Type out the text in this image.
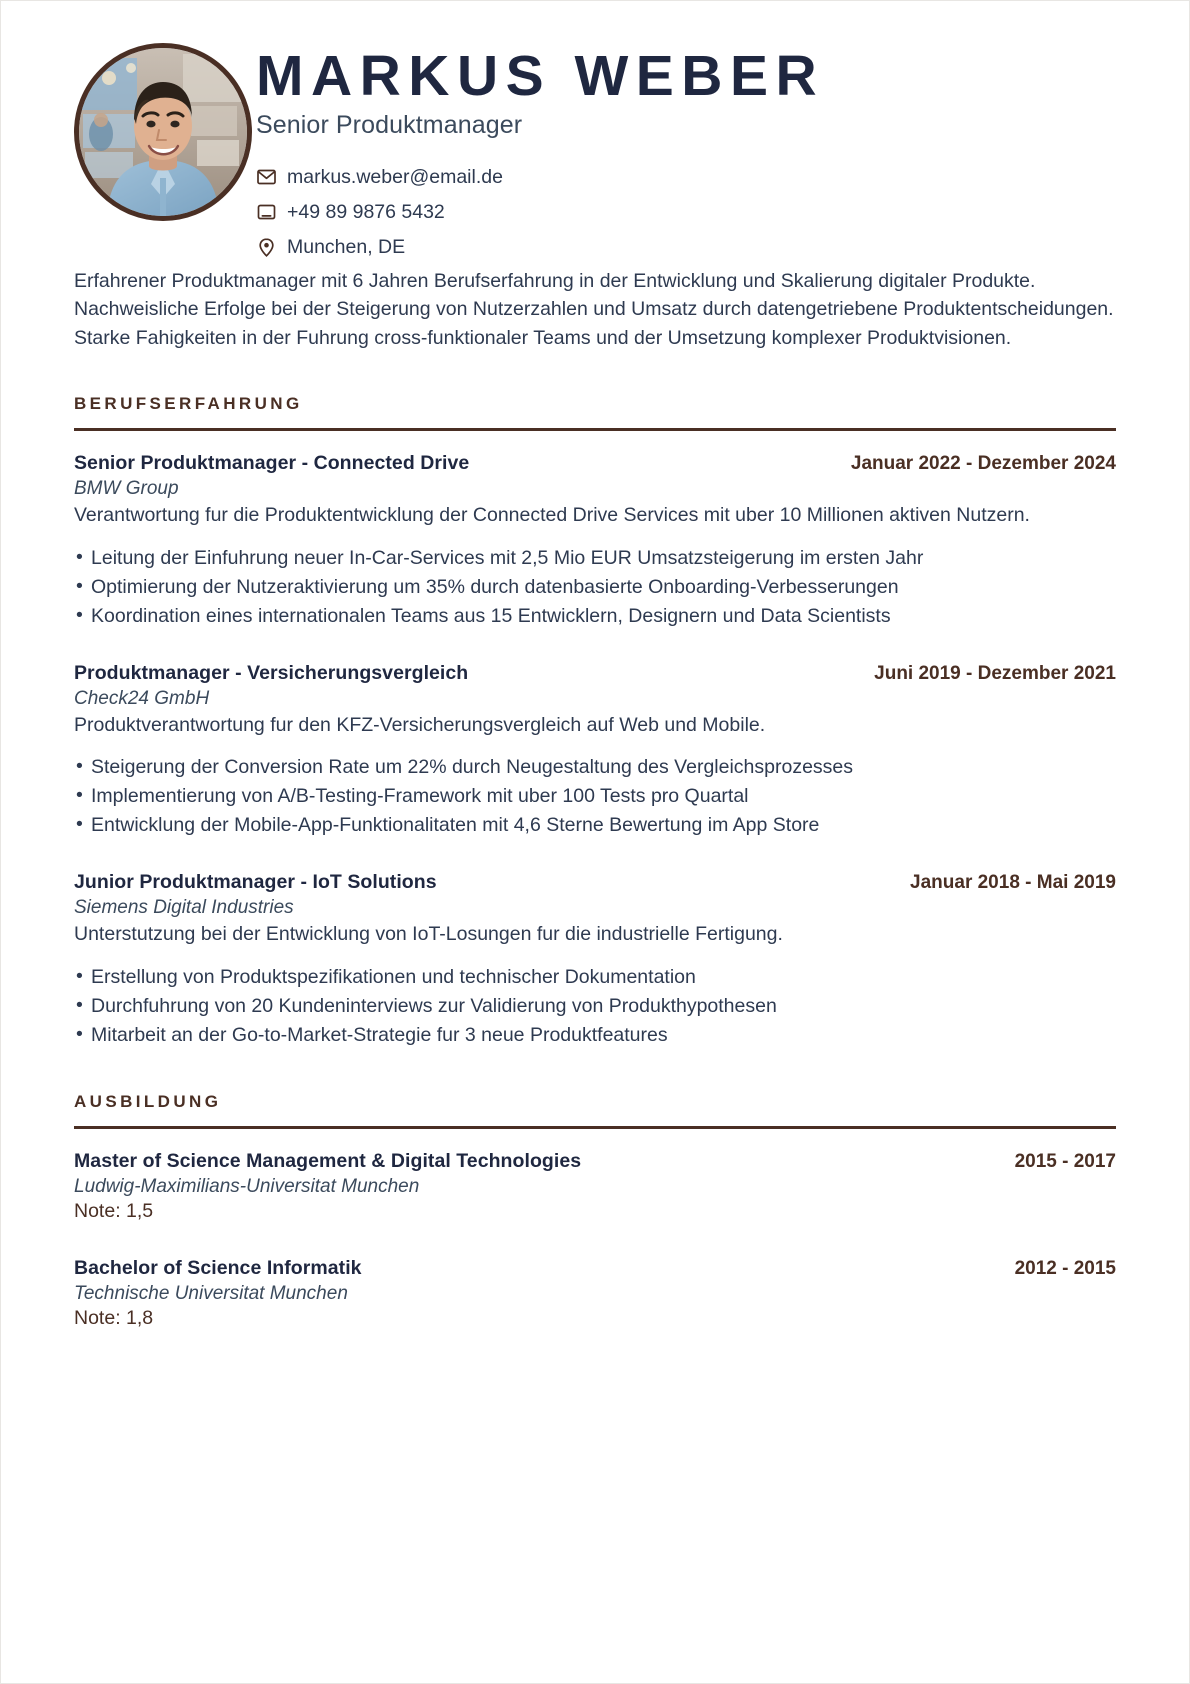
MARKUS WEBER
Senior Produktmanager
markus.weber@email.de
+49 89 9876 5432
Munchen, DE
Erfahrener Produktmanager mit 6 Jahren Berufserfahrung in der Entwicklung und Skalierung digitaler Produkte. Nachweisliche Erfolge bei der Steigerung von Nutzerzahlen und Umsatz durch datengetriebene Produktentscheidungen. Starke Fahigkeiten in der Fuhrung cross-funktionaler Teams und der Umsetzung komplexer Produktvisionen.
BERUFSERFAHRUNG
Senior Produktmanager - Connected Drive	Januar 2022 - Dezember 2024
BMW Group
Verantwortung fur die Produktentwicklung der Connected Drive Services mit uber 10 Millionen aktiven Nutzern.
• Leitung der Einfuhrung neuer In-Car-Services mit 2,5 Mio EUR Umsatzsteigerung im ersten Jahr
• Optimierung der Nutzeraktivierung um 35% durch datenbasierte Onboarding-Verbesserungen
• Koordination eines internationalen Teams aus 15 Entwicklern, Designern und Data Scientists
Produktmanager - Versicherungsvergleich	Juni 2019 - Dezember 2021
Check24 GmbH
Produktverantwortung fur den KFZ-Versicherungsvergleich auf Web und Mobile.
• Steigerung der Conversion Rate um 22% durch Neugestaltung des Vergleichsprozesses
• Implementierung von A/B-Testing-Framework mit uber 100 Tests pro Quartal
• Entwicklung der Mobile-App-Funktionalitaten mit 4,6 Sterne Bewertung im App Store
Junior Produktmanager - IoT Solutions	Januar 2018 - Mai 2019
Siemens Digital Industries
Unterstutzung bei der Entwicklung von IoT-Losungen fur die industrielle Fertigung.
• Erstellung von Produktspezifikationen und technischer Dokumentation
• Durchfuhrung von 20 Kundeninterviews zur Validierung von Produkthypothesen
• Mitarbeit an der Go-to-Market-Strategie fur 3 neue Produktfeatures
AUSBILDUNG
Master of Science Management & Digital Technologies	2015 - 2017
Ludwig-Maximilians-Universitat Munchen
Note: 1,5
Bachelor of Science Informatik	2012 - 2015
Technische Universitat Munchen
Note: 1,8
